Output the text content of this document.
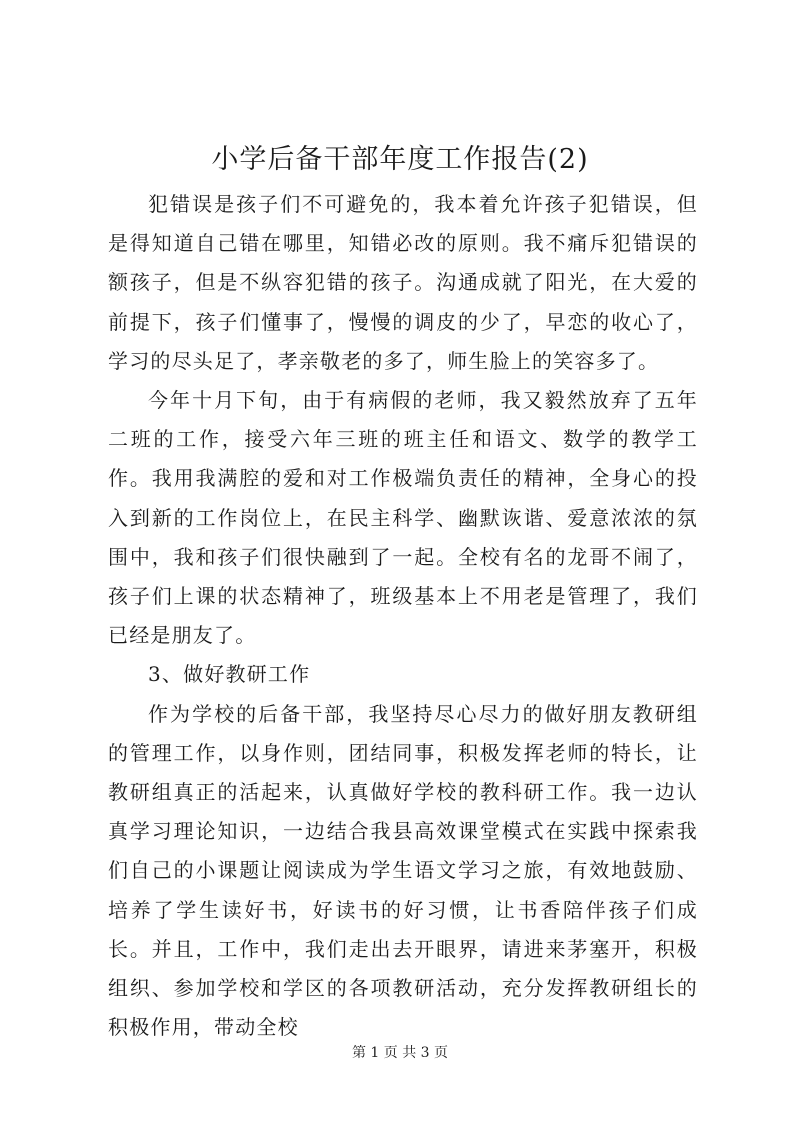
小学后备干部年度工作报告(2)

犯错误是孩子们不可避免的，我本着允许孩子犯错误，但是得知道自己错在哪里，知错必改的原则。我不痛斥犯错误的额孩子，但是不纵容犯错的孩子。沟通成就了阳光，在大爱的前提下，孩子们懂事了，慢慢的调皮的少了，早恋的收心了，学习的尽头足了，孝亲敬老的多了，师生脸上的笑容多了。

今年十月下旬，由于有病假的老师，我又毅然放弃了五年二班的工作，接受六年三班的班主任和语文、数学的教学工作。我用我满腔的爱和对工作极端负责任的精神，全身心的投入到新的工作岗位上，在民主科学、幽默诙谐、爱意浓浓的氛围中，我和孩子们很快融到了一起。全校有名的龙哥不闹了，孩子们上课的状态精神了，班级基本上不用老是管理了，我们已经是朋友了。

3、做好教研工作

作为学校的后备干部，我坚持尽心尽力的做好朋友教研组的管理工作，以身作则，团结同事，积极发挥老师的特长，让教研组真正的活起来，认真做好学校的教科研工作。我一边认真学习理论知识，一边结合我县高效课堂模式在实践中探索我们自己的小课题让阅读成为学生语文学习之旅，有效地鼓励、培养了学生读好书，好读书的好习惯，让书香陪伴孩子们成长。并且，工作中，我们走出去开眼界，请进来茅塞开，积极组织、参加学校和学区的各项教研活动，充分发挥教研组长的积极作用，带动全校

第 1 页 共 3 页
